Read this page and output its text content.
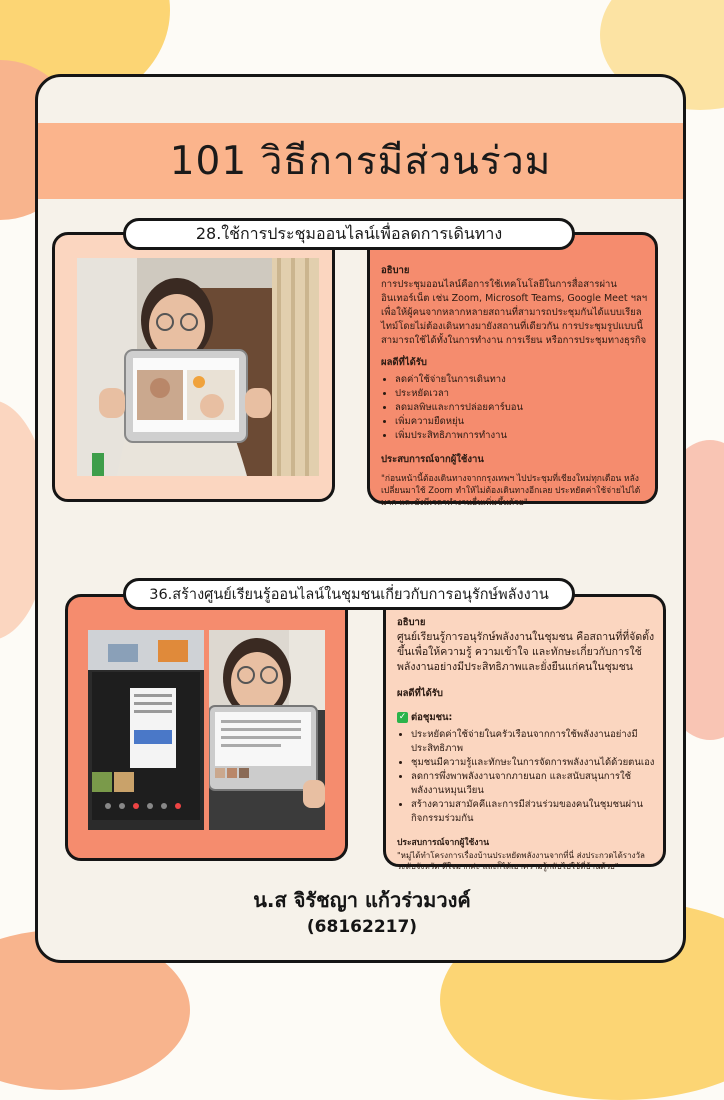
101 วิธีการมีส่วนร่วม
28.ใช้การประชุมออนไลน์เพื่อลดการเดินทาง
อธิบาย

การประชุมออนไลน์คือการใช้เทคโนโลยีในการสื่อสารผ่านอินเทอร์เน็ต เช่น Zoom, Microsoft Teams, Google Meet ฯลฯ เพื่อให้ผู้คนจากหลากหลายสถานที่สามารถประชุมกันได้แบบเรียลไทม์โดยไม่ต้องเดินทางมายังสถานที่เดียวกัน การประชุมรูปแบบนี้สามารถใช้ได้ทั้งในการทำงาน การเรียน หรือการประชุมทางธุรกิจ

ผลดีที่ได้รับ
• ลดค่าใช้จ่ายในการเดินทาง
• ประหยัดเวลา
• ลดมลพิษและการปล่อยคาร์บอน
• เพิ่มความยืดหยุ่น
• เพิ่มประสิทธิภาพการทำงาน
ประสบการณ์จากผู้ใช้งาน

"ก่อนหน้านี้ต้องเดินทางจากกรุงเทพฯ ไปประชุมที่เชียงใหม่ทุกเดือน หลังเปลี่ยนมาใช้ Zoom ทำให้ไม่ต้องเดินทางอีกเลย ประหยัดค่าใช้จ่ายไปได้มาก และยังมีเวลาทำงานอื่นเพิ่มขึ้นด้วย"

36.สร้างศูนย์เรียนรู้ออนไลน์ในชุมชนเกี่ยวกับการอนุรักษ์พลังงาน
อธิบาย

ศูนย์เรียนรู้การอนุรักษ์พลังงานในชุมชน คือสถานที่ที่จัดตั้งขึ้นเพื่อให้ความรู้ ความเข้าใจ และทักษะเกี่ยวกับการใช้พลังงานอย่างมีประสิทธิภาพและยั่งยืนแก่คนในชุมชน

ผลดีที่ได้รับ
✓ ต่อชุมชน:
• ประหยัดค่าใช้จ่ายในครัวเรือนจากการใช้พลังงานอย่างมีประสิทธิภาพ
• ชุมชนมีความรู้และทักษะในการจัดการพลังงานได้ด้วยตนเอง
• ลดการพึ่งพาพลังงานจากภายนอก และสนับสนุนการใช้พลังงานหมุนเวียน
• สร้างความสามัคคีและการมีส่วนร่วมของคนในชุมชนผ่านกิจกรรมร่วมกัน
ประสบการณ์จากผู้ใช้งาน

"หมู่ได้ทำโครงการเรื่องบ้านประหยัดพลังงานจากที่นี่ ส่งประกวดได้รางวัลระดับจังหวัด ดีใจมากค่ะ และก็ได้เอาความรู้กลับไปใช้ที่บ้านด้วย"

น.ส จิรัชญา แก้วร่วมวงค์
(68162217)
